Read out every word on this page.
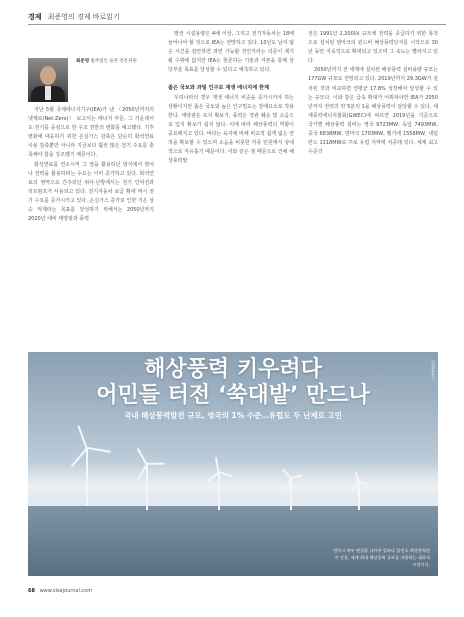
경제 최준영의 경제 바로읽기

지난 5월 국제에너지기구(IEA)가 낸 〈2050년까지의 넷제로(Net-Zero)〉 보고서는 에너지 부문, 그 가운데서도 전기를 중심으로 한 구조 전반의 변화를 예고했다. 기후변화에 대응하기 위한 온실가스 감축은 단순히 화석연료 사용 감축뿐만 아니라 지금보다 훨씬 많은 전기 수요를 충족해야 함을 강조했기 때문이다.

화석연료를 연소시켜 그 열을 활용하던 방식에서 벗어나 전력을 활용하려는 수요는 이미 증가하고 있다. 화석연료의 영역으로 간주되던 위사·난방에서는 전기 인덕션과 히트펌프가 사용되고 있다. 전기자동차 보급 확대 역시 전기 수요를 증가시키고 있다. 온실가스 증가로 인한 기온 상승 억제라는 목표를 달성하기 위해서는 2050년까지 2020년 대비 태양광과 풍력

최준영 법무법인 율촌 전문위원

발전 시설용량은 4배 이상, 그리고 전기자동차는 18배 늘어나야 할 것으로 IEA는 전망하고 있다. 10년도 남지 않은 시간을 감안하면 과연 가능할 것인가라는 의문이 제기될 수밖에 없지만 IEA는 현존하는 기술과 자본을 통해 상당부분 목표를 달성할 수 있다고 예측하고 있다.

좁은 국토와 과밀 인구로 재생 에너지에 한계

우리나라의 경우 재생 에너지 비중을 증가시키야 하는 상황이지만 좁은 국토와 높은 인구밀도는 장애요소로 작용한다. 태양광은 토지 확보가, 풍력은 경관 훼손 및 소음으로 입지 확보가 쉽지 않다. 이에 따라 해상풍력의 역할이 중요해지고 있다. 바다는 육지에 비해 비교적 쉽게 넓은 면적을 확보할 수 있으며 소음을 비롯한 각종 민원에서 상대적으로 자유롭기 때문이다. 이와 같은 점 때문으로 인해 해상풍력발

전은 1991년 2,200㎾ 규모에 전력을 공급하기 위한 목적으로 설치된 덴마크의 윈드비 해상풍력단지를 시작으로 30년 동안 지속적으로 확대되고 있으며 그 속도는 빨라지고 있다.

2050년까지 전 세계에 설치된 해상풍력 설비용량 규모는 177GW 규모로 전망되고 있다. 2019년까지 29.3GW가 설치된 것과 비교하면 연평균 17.8% 성장해야 달성할 수 있는 규모다. 이와 같은 급속 확대가 이뤄져야만 IEA가 2050년까지 전력의 약 5분의 1을 해상풍력이 담당할 수 있다. 세계풍력에너지협회(GWEC)에 따르면 2019년을 기준으로 국가별 해상풍력 설비는 영국 9723MW, 독일 7493MW, 중국 6838MW, 덴마크 1703MW, 벨기에 1556MW, 네덜란드 1118MW로 주로 유럽 지역에 치중돼 있다. 세계 최고 수준의

해상풍력 키우려다
어민들 터전 ‘쑥대밭’ 만드나
국내 해상풍력발전 규모, 영국의 1% 수준…유럽도 두 난제로 고민
덴마크 북부 엔질롭 니아주 앞바다 발전소 해상풍력단지 전경, 세계 최대 해상풍력 규모를 자랑하는 대표적 시설이다.
ⓒ연합뉴스
68 www.sisajournal.com
